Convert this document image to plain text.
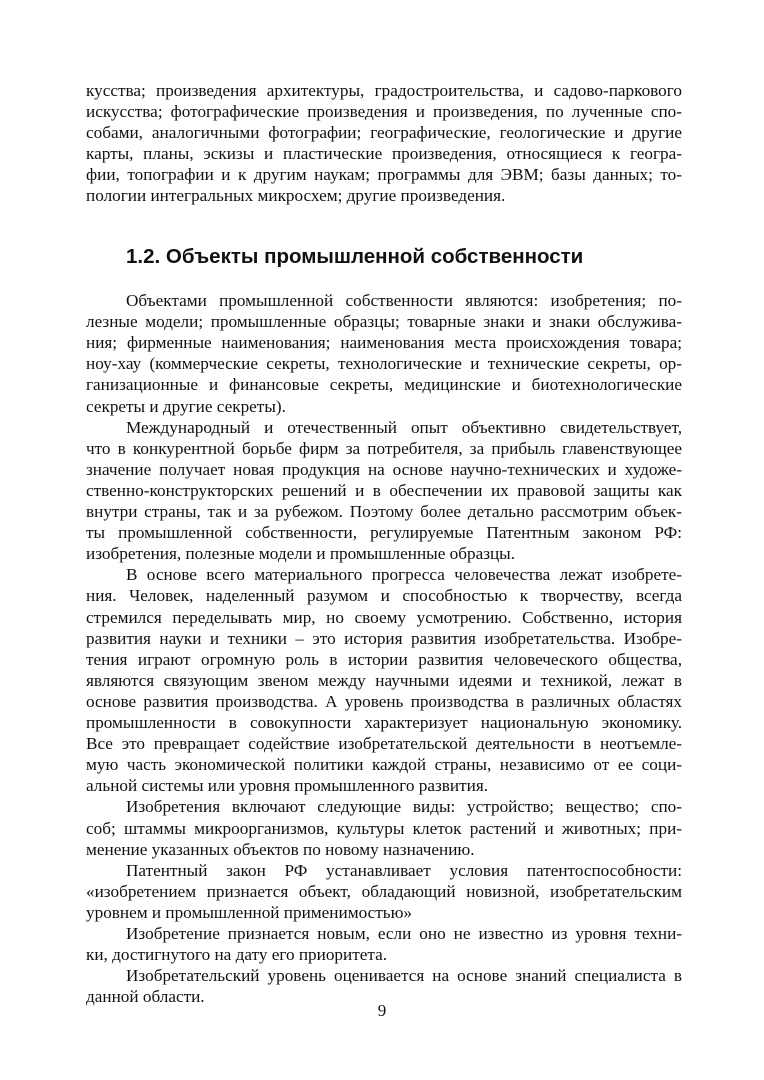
кусства; произведения архитектуры, градостроительства, и садово-паркового
искусства; фотографические произведения и произведения, по лученные спо-
собами, аналогичными фотографии; географические, геологические и другие
карты, планы, эскизы и пластические произведения, относящиеся к геогра-
фии, топографии и к другим наукам; программы для ЭВМ; базы данных; то-
пологии интегральных микросхем; другие произведения.
1.2. Объекты промышленной собственности
Объектами промышленной собственности являются: изобретения; по-
лезные модели; промышленные образцы; товарные знаки и знаки обслужива-
ния; фирменные наименования; наименования места происхождения товара;
ноу-хау (коммерческие секреты, технологические и технические секреты, ор-
ганизационные и финансовые секреты, медицинские и биотехнологические
секреты и другие секреты).
Международный и отечественный опыт объективно свидетельствует,
что в конкурентной борьбе фирм за потребителя, за прибыль главенствующее
значение получает новая продукция на основе научно-технических и художе-
ственно-конструкторских решений и в обеспечении их правовой защиты как
внутри страны, так и за рубежом. Поэтому более детально рассмотрим объек-
ты промышленной собственности, регулируемые Патентным законом РФ:
изобретения, полезные модели и промышленные образцы.
В основе всего материального прогресса человечества лежат изобрете-
ния. Человек, наделенный разумом и способностью к творчеству, всегда
стремился переделывать мир, но своему усмотрению. Собственно, история
развития науки и техники – это история развития изобретательства. Изобре-
тения играют огромную роль в истории развития человеческого общества,
являются связующим звеном между научными идеями и техникой, лежат в
основе развития производства. А уровень производства в различных областях
промышленности в совокупности характеризует национальную экономику.
Все это превращает содействие изобретательской деятельности в неотъемле-
мую часть экономической политики каждой страны, независимо от ее соци-
альной системы или уровня промышленного развития.
Изобретения включают следующие виды: устройство; вещество; спо-
соб; штаммы микроорганизмов, культуры клеток растений и животных; при-
менение указанных объектов по новому назначению.
Патентный закон РФ устанавливает условия патентоспособности:
«изобретением признается объект, обладающий новизной, изобретательским
уровнем и промышленной применимостью»
Изобретение признается новым, если оно не известно из уровня техни-
ки, достигнутого на дату его приоритета.
Изобретательский уровень оценивается на основе знаний специалиста в
данной области.
9
